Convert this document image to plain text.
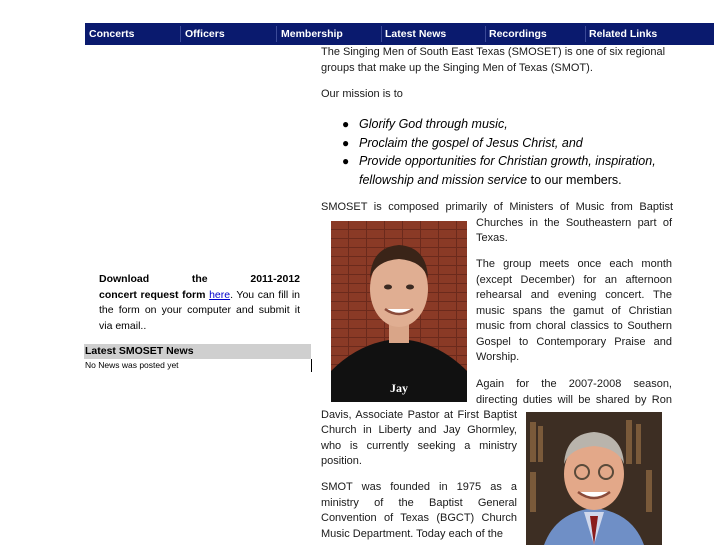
Concerts	Officers	Membership	Latest News	Recordings	Related Links
Download	the	2011-2012
concert request form here. You can fill in the form on your computer and submit it via email..
Latest SMOSET News
No News was posted yet
The Singing Men of South East Texas (SMOSET) is one of six regional groups that make up the Singing Men of Texas (SMOT).
Our mission is to
● Glorify God through music,
● Proclaim the gospel of Jesus Christ, and
● Provide opportunities for Christian growth, inspiration, fellowship and mission service to our members.
SMOSET is composed primarily of Ministers of Music from Baptist
Churches in the Southeastern part of Texas.
Jay
The group meets once each month (except December) for an afternoon rehearsal and evening concert. The music spans the gamut of Christian music from choral classics to Southern Gospel to Contemporary Praise and Worship.
Again for the 2007-2008 season, directing duties will be shared by Ron
Davis, Associate Pastor at First Baptist Church in Liberty and Jay Ghormley, who is currently seeking a ministry position.
SMOT was founded in 1975 as a ministry of the Baptist General Convention of Texas (BGCT) Church Music Department. Today each of the
